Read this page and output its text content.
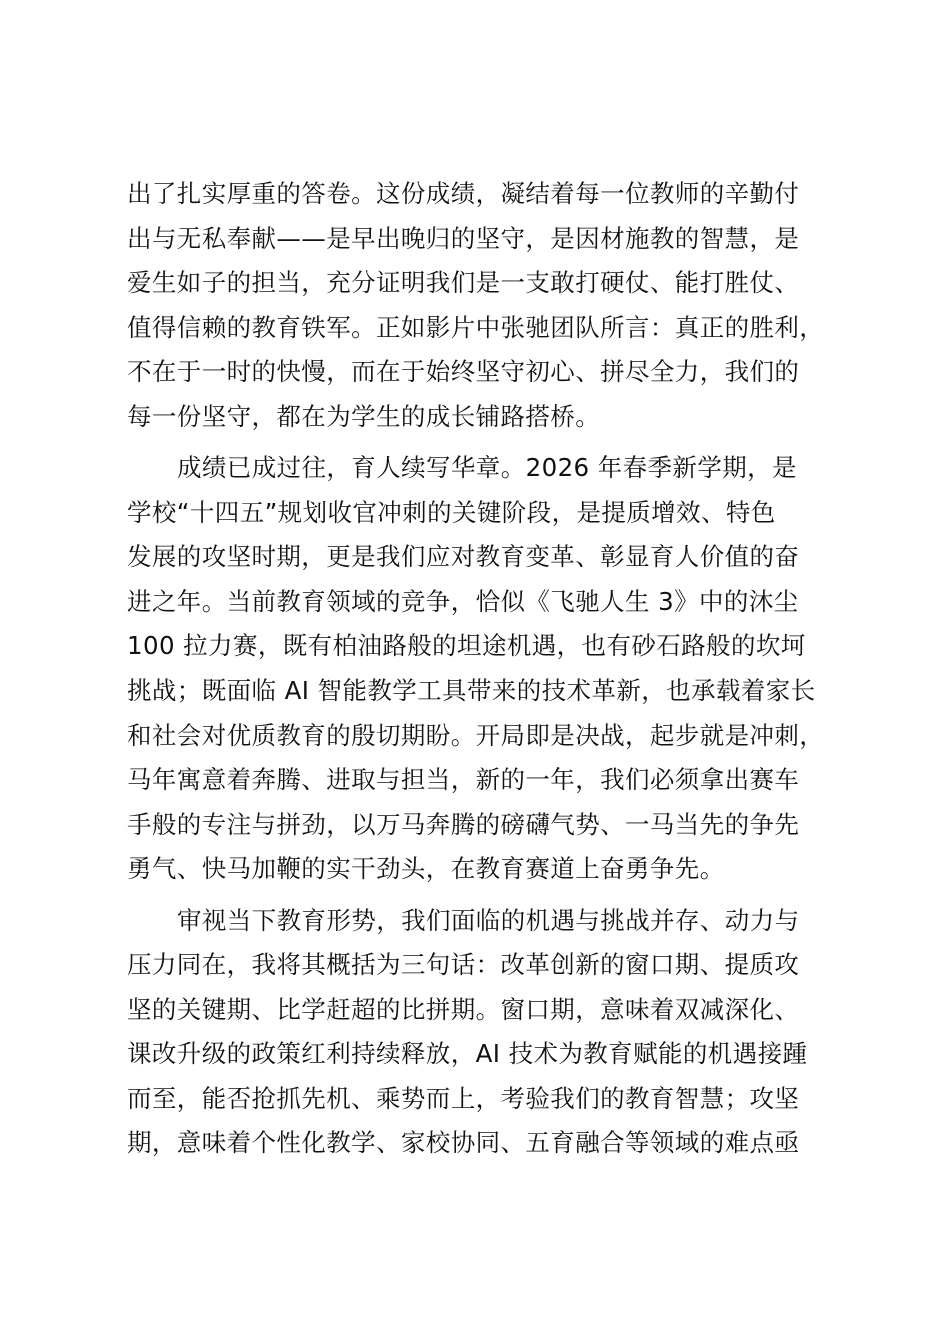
出了扎实厚重的答卷。这份成绩，凝结着每一位教师的辛勤付
出与无私奉献——是早出晚归的坚守，是因材施教的智慧，是
爱生如子的担当，充分证明我们是一支敢打硬仗、能打胜仗、
值得信赖的教育铁军。正如影片中张驰团队所言：真正的胜利，
不在于一时的快慢，而在于始终坚守初心、拼尽全力，我们的
每一份坚守，都在为学生的成长铺路搭桥。

成绩已成过往，育人续写华章。2026 年春季新学期，是
学校“十四五”规划收官冲刺的关键阶段，是提质增效、特色
发展的攻坚时期，更是我们应对教育变革、彰显育人价值的奋
进之年。当前教育领域的竞争，恰似《飞驰人生 3》中的沐尘
100 拉力赛，既有柏油路般的坦途机遇，也有砂石路般的坎坷
挑战；既面临 AI 智能教学工具带来的技术革新，也承载着家长
和社会对优质教育的殷切期盼。开局即是决战，起步就是冲刺，
马年寓意着奔腾、进取与担当，新的一年，我们必须拿出赛车
手般的专注与拼劲，以万马奔腾的磅礴气势、一马当先的争先
勇气、快马加鞭的实干劲头，在教育赛道上奋勇争先。

审视当下教育形势，我们面临的机遇与挑战并存、动力与
压力同在，我将其概括为三句话：改革创新的窗口期、提质攻
坚的关键期、比学赶超的比拼期。窗口期，意味着双减深化、
课改升级的政策红利持续释放，AI 技术为教育赋能的机遇接踵
而至，能否抢抓先机、乘势而上，考验我们的教育智慧；攻坚
期，意味着个性化教学、家校协同、五育融合等领域的难点亟
